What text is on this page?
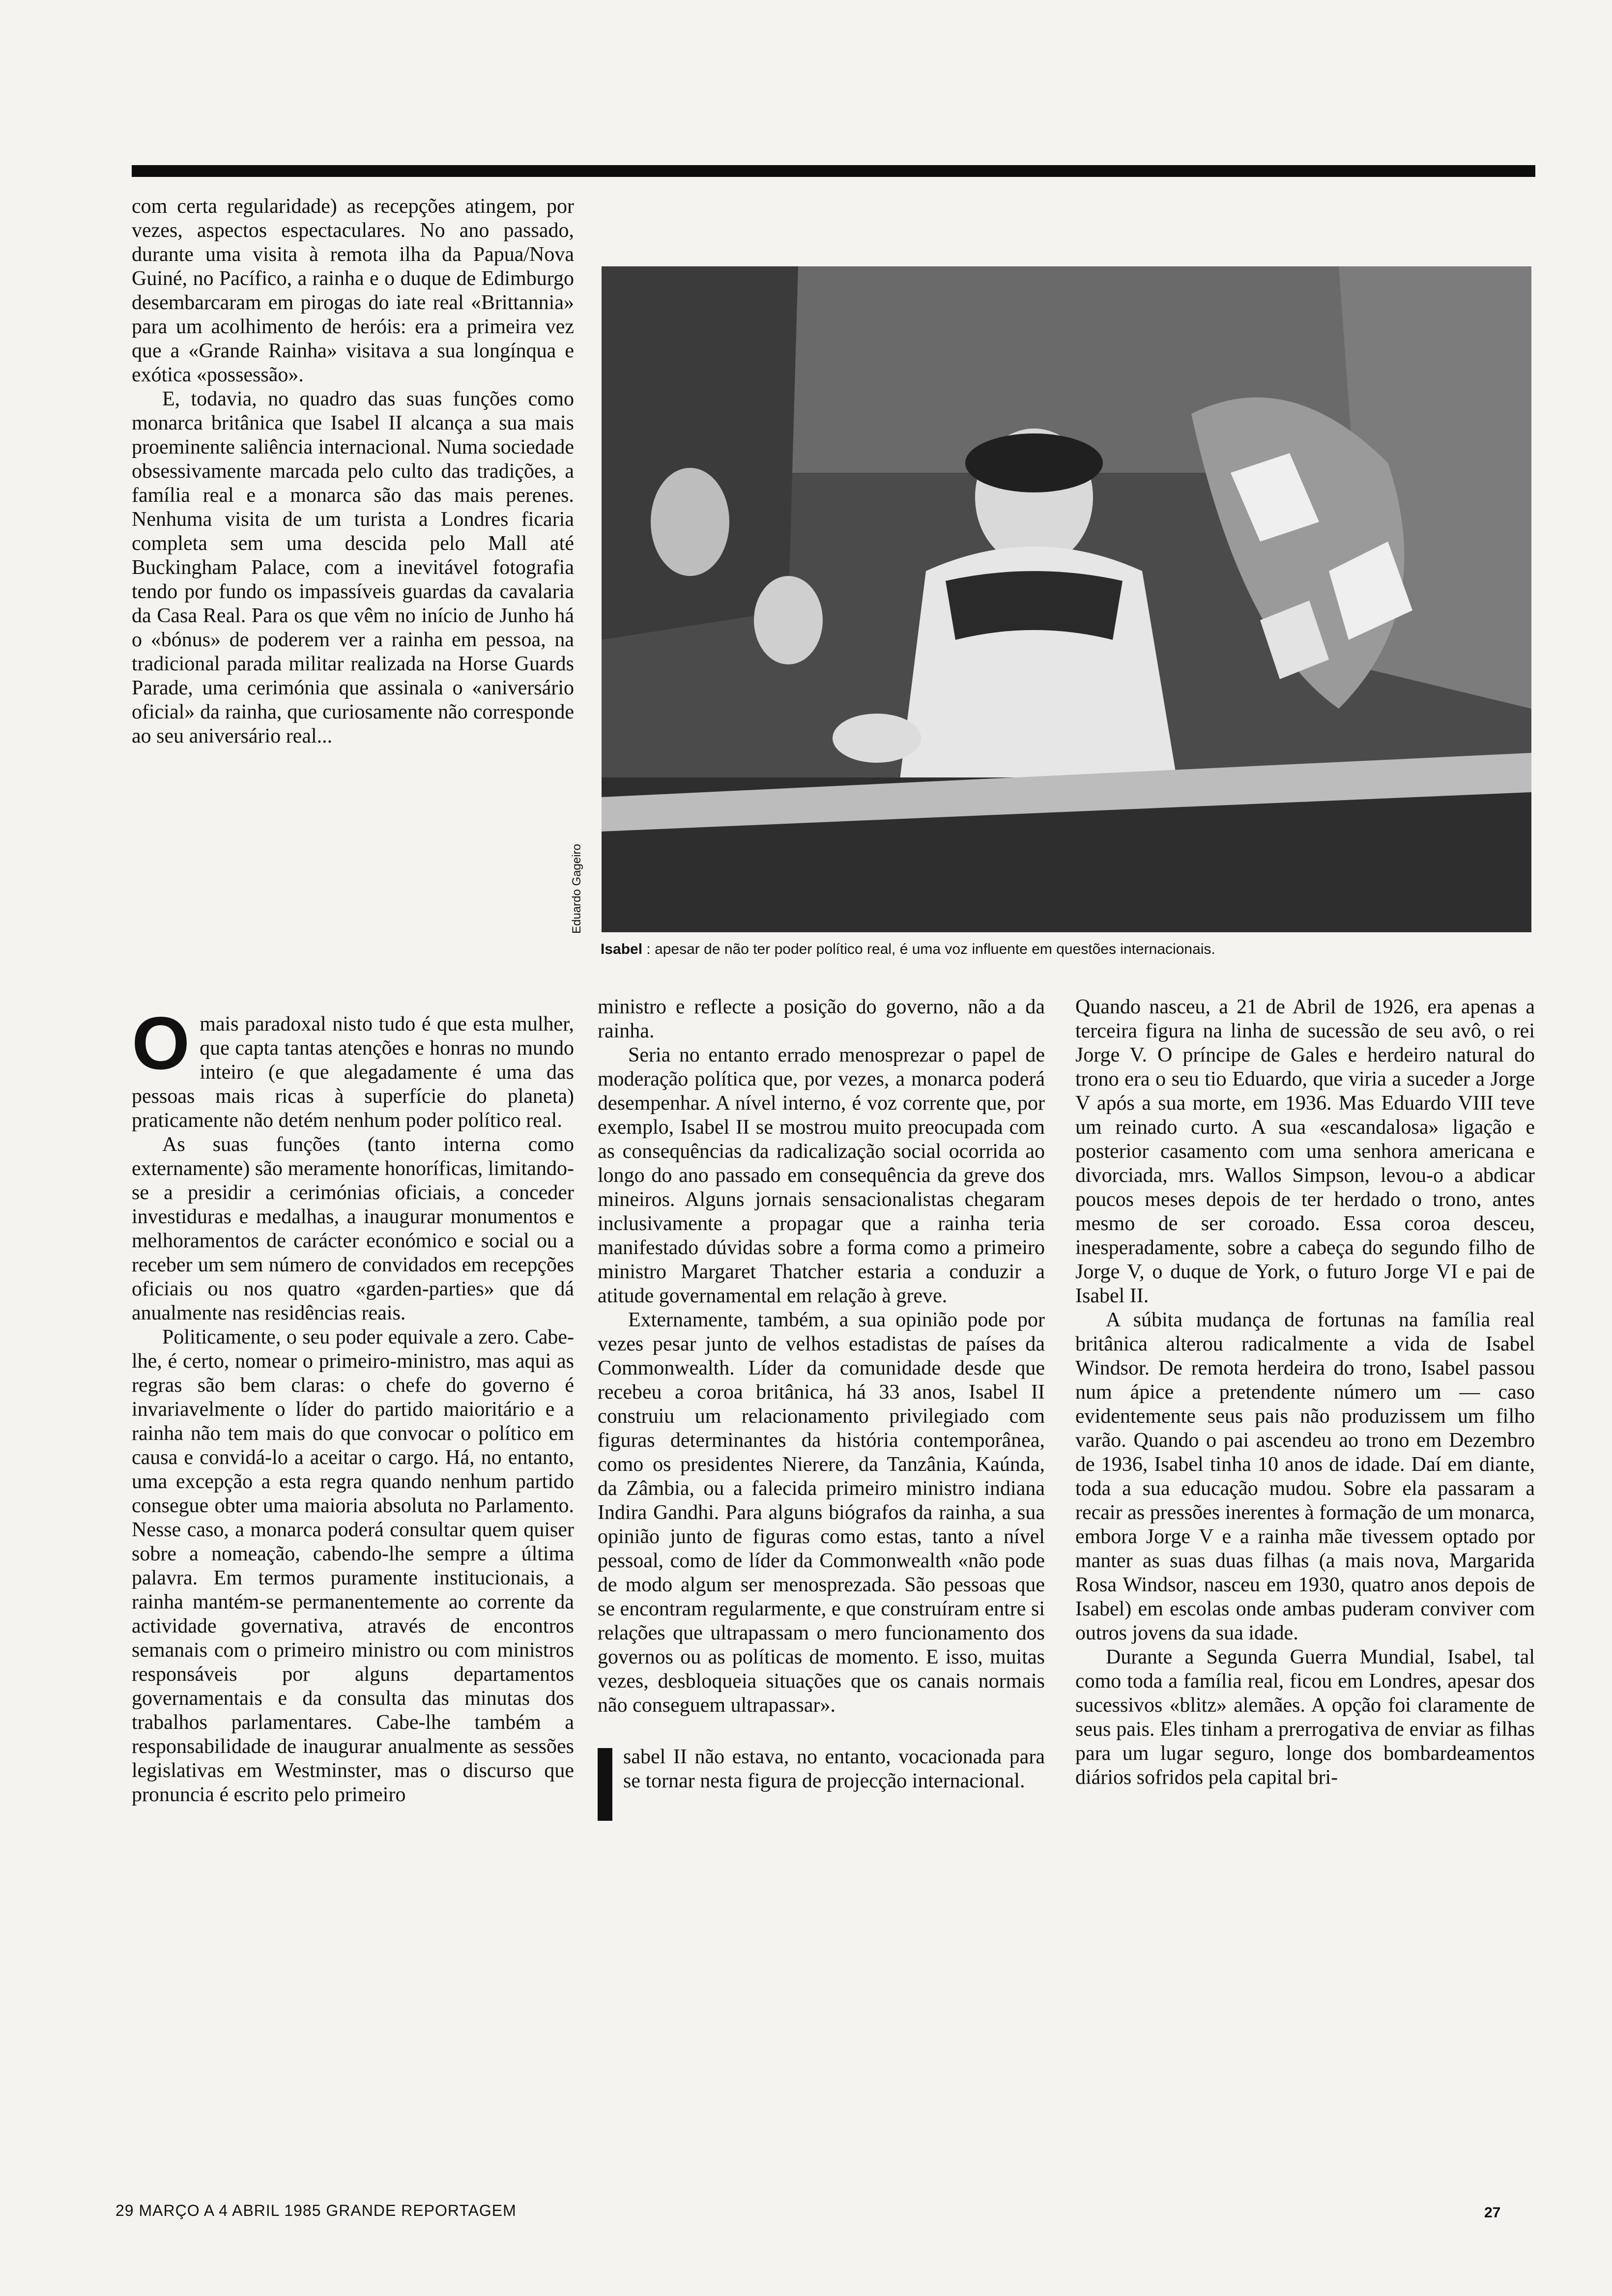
com certa regularidade) as recepções atingem, por vezes, aspectos espectaculares. No ano passado, durante uma visita à remota ilha da Papua/Nova Guiné, no Pacífico, a rainha e o duque de Edimburgo desembarcaram em pirogas do iate real «Brittannia» para um acolhimento de heróis: era a primeira vez que a «Grande Rainha» visitava a sua longínqua e exótica «possessão».

E, todavia, no quadro das suas funções como monarca britânica que Isabel II alcança a sua mais proeminente saliência internacional. Numa sociedade obsessivamente marcada pelo culto das tradições, a família real e a monarca são das mais perenes. Nenhuma visita de um turista a Londres ficaria completa sem uma descida pelo Mall até Buckingham Palace, com a inevitável fotografia tendo por fundo os impassíveis guardas da cavalaria da Casa Real. Para os que vêm no início de Junho há o «bónus» de poderem ver a rainha em pessoa, na tradicional parada militar realizada na Horse Guards Parade, uma cerimónia que assinala o «aniversário oficial» da rainha, que curiosamente não corresponde ao seu aniversário real...

Eduardo Gageiro
Isabel : apesar de não ter poder político real, é uma voz influente em questões internacionais.
O mais paradoxal nisto tudo é que esta mulher, que capta tantas atenções e honras no mundo inteiro (e que alegadamente é uma das pessoas mais ricas à superfície do planeta) praticamente não detém nenhum poder político real.

As suas funções (tanto interna como externamente) são meramente honoríficas, limitando-se a presidir a cerimónias oficiais, a conceder investiduras e medalhas, a inaugurar monumentos e melhoramentos de carácter económico e social ou a receber um sem número de convidados em recepções oficiais ou nos quatro «garden-parties» que dá anualmente nas residências reais.

Politicamente, o seu poder equivale a zero. Cabe-lhe, é certo, nomear o primeiro-ministro, mas aqui as regras são bem claras: o chefe do governo é invariavelmente o líder do partido maioritário e a rainha não tem mais do que convocar o político em causa e convidá-lo a aceitar o cargo. Há, no entanto, uma excepção a esta regra quando nenhum partido consegue obter uma maioria absoluta no Parlamento. Nesse caso, a monarca poderá consultar quem quiser sobre a nomeação, cabendo-lhe sempre a última palavra. Em termos puramente institucionais, a rainha mantém-se permanentemente ao corrente da actividade governativa, através de encontros semanais com o primeiro ministro ou com ministros responsáveis por alguns departamentos governamentais e da consulta das minutas dos trabalhos parlamentares. Cabe-lhe também a responsabilidade de inaugurar anualmente as sessões legislativas em Westminster, mas o discurso que pronuncia é escrito pelo primeiro

ministro e reflecte a posição do governo, não a da rainha.

Seria no entanto errado menosprezar o papel de moderação política que, por vezes, a monarca poderá desempenhar. A nível interno, é voz corrente que, por exemplo, Isabel II se mostrou muito preocupada com as consequências da radicalização social ocorrida ao longo do ano passado em consequência da greve dos mineiros. Alguns jornais sensacionalistas chegaram inclusivamente a propagar que a rainha teria manifestado dúvidas sobre a forma como a primeiro ministro Margaret Thatcher estaria a conduzir a atitude governamental em relação à greve.

Externamente, também, a sua opinião pode por vezes pesar junto de velhos estadistas de países da Commonwealth. Líder da comunidade desde que recebeu a coroa britânica, há 33 anos, Isabel II construiu um relacionamento privilegiado com figuras determinantes da história contemporânea, como os presidentes Nierere, da Tanzânia, Kaúnda, da Zâmbia, ou a falecida primeiro ministro indiana Indira Gandhi. Para alguns biógrafos da rainha, a sua opinião junto de figuras como estas, tanto a nível pessoal, como de líder da Commonwealth «não pode de modo algum ser menosprezada. São pessoas que se encontram regularmente, e que construíram entre si relações que ultrapassam o mero funcionamento dos governos ou as políticas de momento. E isso, muitas vezes, desbloqueia situações que os canais normais não conseguem ultrapassar».

sabel II não estava, no entanto, vocacionada para se tornar nesta figura de projecção internacional.

Quando nasceu, a 21 de Abril de 1926, era apenas a terceira figura na linha de sucessão de seu avô, o rei Jorge V. O príncipe de Gales e herdeiro natural do trono era o seu tio Eduardo, que viria a suceder a Jorge V após a sua morte, em 1936. Mas Eduardo VIII teve um reinado curto. A sua «escandalosa» ligação e posterior casamento com uma senhora americana e divorciada, mrs. Wallos Simpson, levou-o a abdicar poucos meses depois de ter herdado o trono, antes mesmo de ser coroado. Essa coroa desceu, inesperadamente, sobre a cabeça do segundo filho de Jorge V, o duque de York, o futuro Jorge VI e pai de Isabel II.

A súbita mudança de fortunas na família real britânica alterou radicalmente a vida de Isabel Windsor. De remota herdeira do trono, Isabel passou num ápice a pretendente número um — caso evidentemente seus pais não produzissem um filho varão. Quando o pai ascendeu ao trono em Dezembro de 1936, Isabel tinha 10 anos de idade. Daí em diante, toda a sua educação mudou. Sobre ela passaram a recair as pressões inerentes à formação de um monarca, embora Jorge V e a rainha mãe tivessem optado por manter as suas duas filhas (a mais nova, Margarida Rosa Windsor, nasceu em 1930, quatro anos depois de Isabel) em escolas onde ambas puderam conviver com outros jovens da sua idade.

Durante a Segunda Guerra Mundial, Isabel, tal como toda a família real, ficou em Londres, apesar dos sucessivos «blitz» alemães. A opção foi claramente de seus pais. Eles tinham a prerrogativa de enviar as filhas para um lugar seguro, longe dos bombardeamentos diários sofridos pela capital bri-

29 MARÇO A 4 ABRIL 1985 GRANDE REPORTAGEM	27
